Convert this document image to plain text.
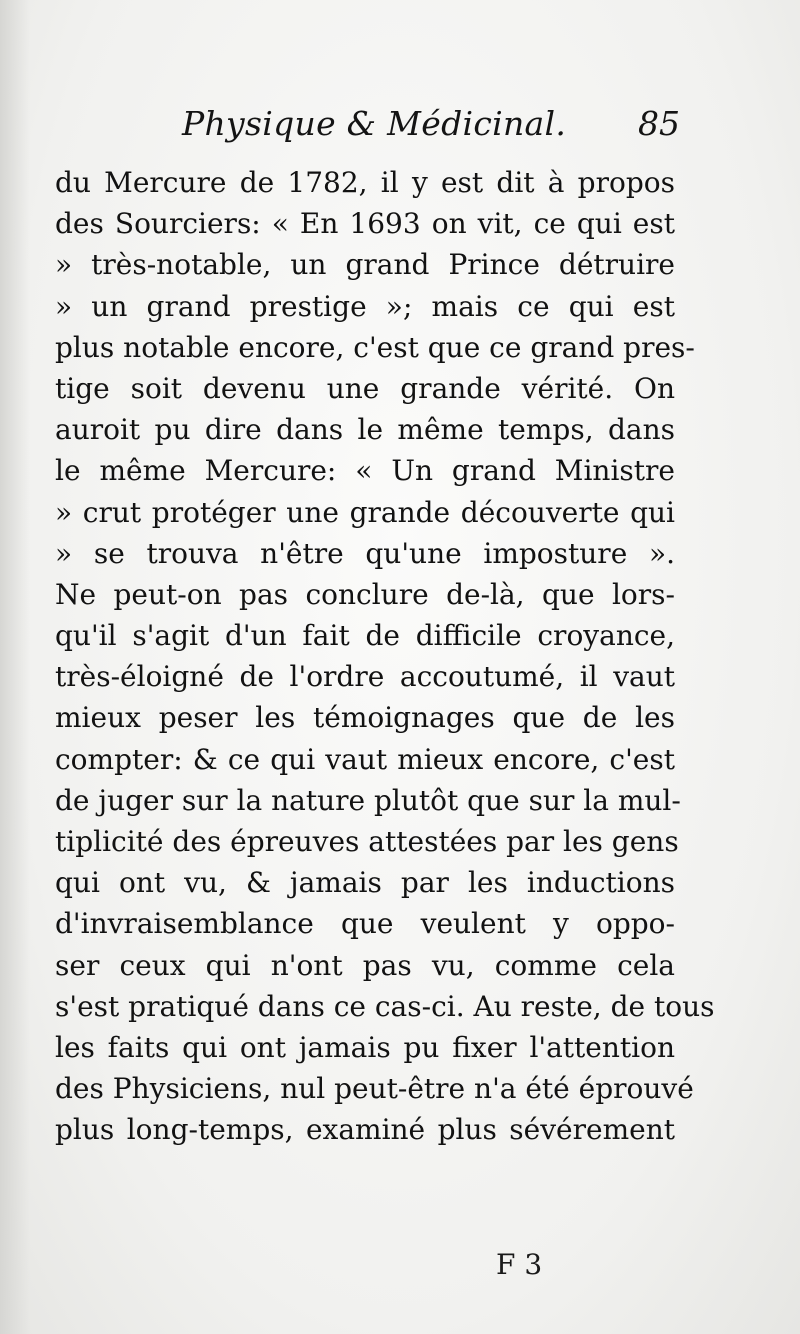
Physique & Médicinal. 85
du Mercure de 1782, il y est dit à propos
des Sourciers: « En 1693 on vit, ce qui est
» très-notable, un grand Prince détruire
» un grand prestige »; mais ce qui est
plus notable encore, c'est que ce grand pres-
tige soit devenu une grande vérité. On
auroit pu dire dans le même temps, dans
le même Mercure: « Un grand Ministre
» crut protéger une grande découverte qui
» se trouva n'être qu'une imposture ».
Ne peut-on pas conclure de-là, que lors-
qu'il s'agit d'un fait de difficile croyance,
très-éloigné de l'ordre accoutumé, il vaut
mieux peser les témoignages que de les
compter: & ce qui vaut mieux encore, c'est
de juger sur la nature plutôt que sur la mul-
tiplicité des épreuves attestées par les gens
qui ont vu, & jamais par les inductions
d'invraisemblance que veulent y oppo-
ser ceux qui n'ont pas vu, comme cela
s'est pratiqué dans ce cas-ci. Au reste, de tous
les faits qui ont jamais pu fixer l'attention
des Physiciens, nul peut-être n'a été éprouvé
plus long-temps, examiné plus sévérement
F 3
